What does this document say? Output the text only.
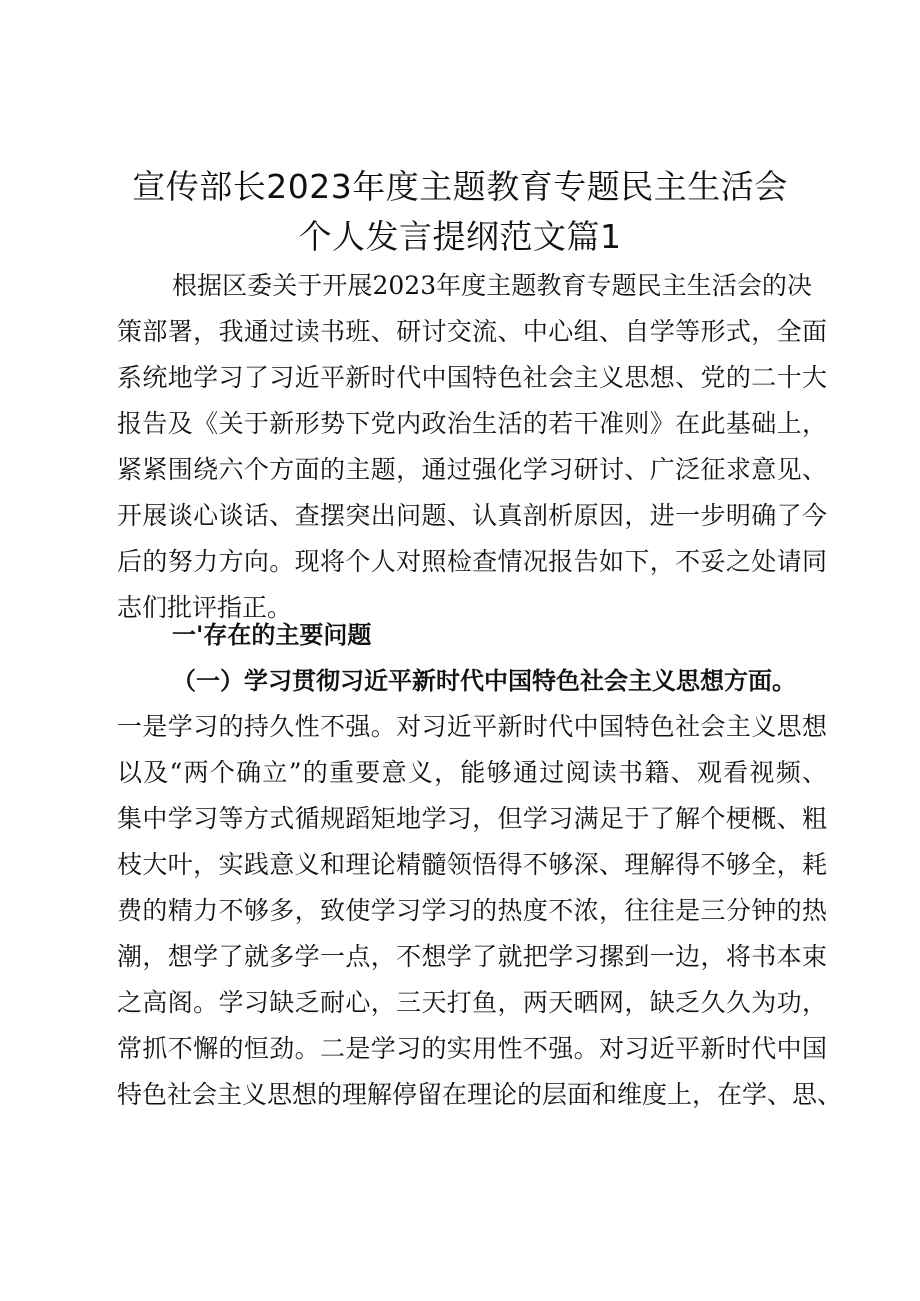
宣传部长2023年度主题教育专题民主生活会
个人发言提纲范文篇1
根据区委关于开展2023年度主题教育专题民主生活会的决
策部署，我通过读书班、研讨交流、中心组、自学等形式，全面
系统地学习了习近平新时代中国特色社会主义思想、党的二十大
报告及《关于新形势下党内政治生活的若干准则》在此基础上，
紧紧围绕六个方面的主题，通过强化学习研讨、广泛征求意见、
开展谈心谈话、查摆突出问题、认真剖析原因，进一步明确了今
后的努力方向。现将个人对照检查情况报告如下，不妥之处请同
志们批评指正。
一'存在的主要问题
（一）学习贯彻习近平新时代中国特色社会主义思想方面。
一是学习的持久性不强。对习近平新时代中国特色社会主义思想
以及“两个确立”的重要意义，能够通过阅读书籍、观看视频、
集中学习等方式循规蹈矩地学习，但学习满足于了解个梗概、粗
枝大叶，实践意义和理论精髓领悟得不够深、理解得不够全，耗
费的精力不够多，致使学习学习的热度不浓，往往是三分钟的热
潮，想学了就多学一点，不想学了就把学习摞到一边，将书本束
之高阁。学习缺乏耐心，三天打鱼，两天晒网，缺乏久久为功，
常抓不懈的恒劲。二是学习的实用性不强。对习近平新时代中国
特色社会主义思想的理解停留在理论的层面和维度上，在学、思、
